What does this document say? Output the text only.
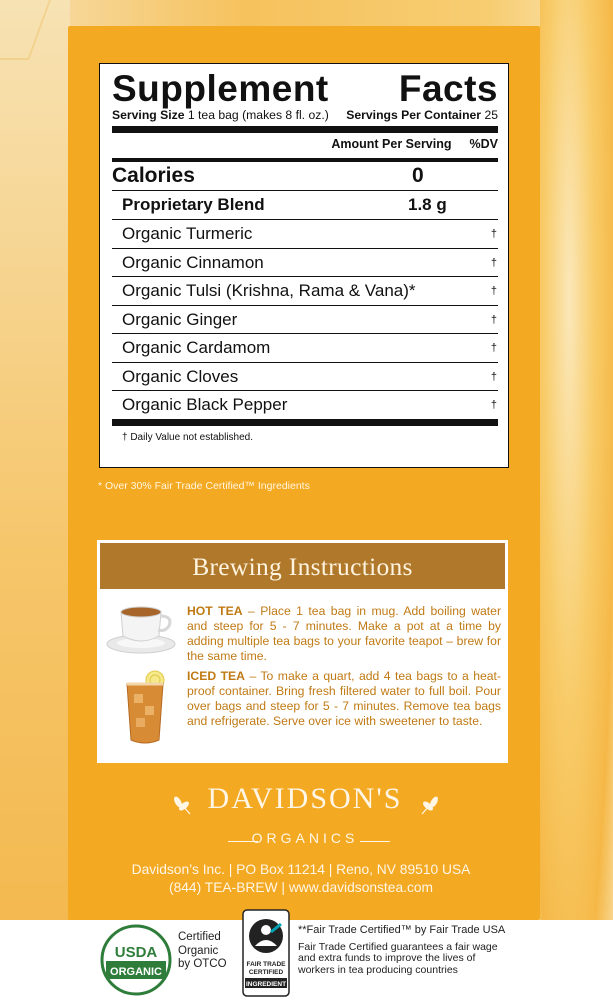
Supplement Facts
Serving Size 1 tea bag (makes 8 fl. oz.) Servings Per Container 25
Amount Per Serving %DV
Calories	0
Proprietary Blend	1.8 g
Organic Turmeric	†
Organic Cinnamon	†
Organic Tulsi (Krishna, Rama & Vana)*	†
Organic Ginger	†
Organic Cardamom	†
Organic Cloves	†
Organic Black Pepper	†
† Daily Value not established.
* Over 30% Fair Trade Certified™ Ingredients
Brewing Instructions
HOT TEA – Place 1 tea bag in mug. Add boiling water and steep for 5 - 7 minutes. Make a pot at a time by adding multiple tea bags to your favorite teapot – brew for the same time.
ICED TEA – To make a quart, add 4 tea bags to a heat-proof container. Bring fresh filtered water to full boil. Pour over bags and steep for 5 - 7 minutes. Remove tea bags and refrigerate. Serve over ice with sweetener to taste.
DAVIDSON'S
ORGANICS
Davidson’s Inc. | PO Box 11214 | Reno, NV 89510 USA
(844) TEA-BREW | www.davidsonstea.com
USDA
ORGANIC
Certified
Organic
by OTCO	FAIR TRADE
CERTIFIED
INGREDIENT
**Fair Trade Certified™ by Fair Trade USA
Fair Trade Certified guarantees a fair wage and extra funds to improve the lives of workers in tea producing countries
